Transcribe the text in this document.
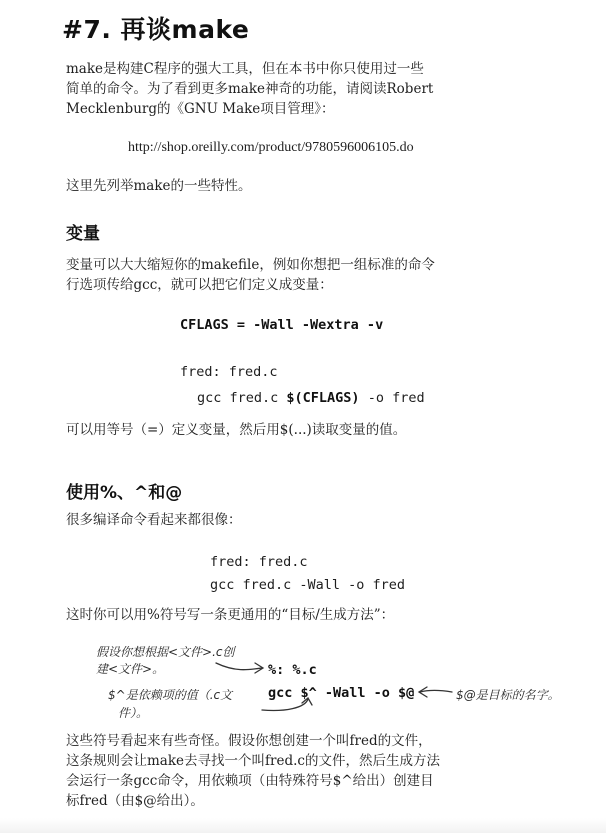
#7. 再谈make
make是构建C程序的强大工具，但在本书中你只使用过一些
简单的命令。为了看到更多make神奇的功能，请阅读Robert
Mecklenburg的《GNU Make项目管理》：
http://shop.oreilly.com/product/9780596006105.do
这里先列举make的一些特性。
变量
变量可以大大缩短你的makefile，例如你想把一组标准的命令
行选项传给gcc，就可以把它们定义成变量：
CFLAGS = -Wall -Wextra -v
fred: fred.c
gcc fred.c $(CFLAGS) -o fred
可以用等号（=）定义变量，然后用$(...)读取变量的值。
使用%、^和@
很多编译命令看起来都很像：
fred: fred.c
gcc fred.c -Wall -o fred
这时你可以用%符号写一条更通用的“目标/生成方法”：
假设你想根据<文件>.c创
建<文件>。	%: %.c
gcc $^ -Wall -o $@
$^是依赖项的值（.c文
件）。
$@是目标的名字。
这些符号看起来有些奇怪。假设你想创建一个叫fred的文件，
这条规则会让make去寻找一个叫fred.c的文件，然后生成方法
会运行一条gcc命令，用依赖项（由特殊符号$^给出）创建目
标fred（由$@给出）。
